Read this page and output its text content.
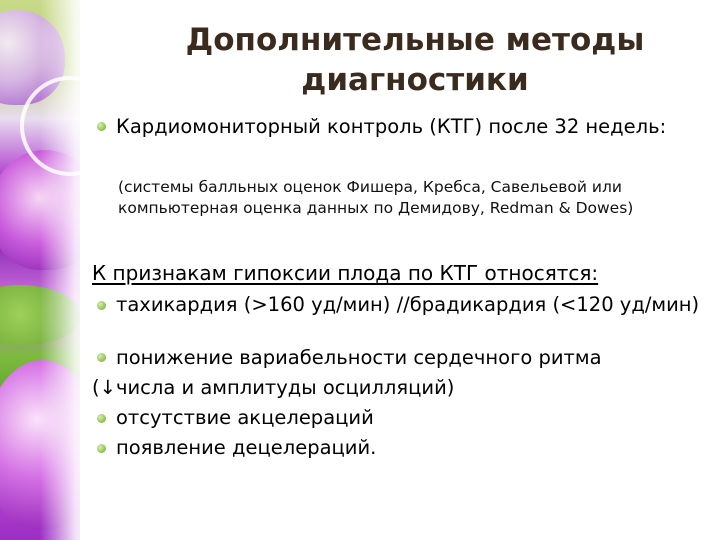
Дополнительные методы диагностики
Кардиомониторный контроль (КТГ) после 32 недель:
(системы балльных оценок Фишера, Кребса, Савельевой или компьютерная оценка данных по Демидову, Redman & Dowes)
К признакам гипоксии плода по КТГ относятся:
тахикардия (>160 уд/мин) //брадикардия (<120 уд/мин)
понижение вариабельности сердечного ритма
(↓числа и амплитуды осцилляций)
отсутствие акцелераций
появление децелераций.
